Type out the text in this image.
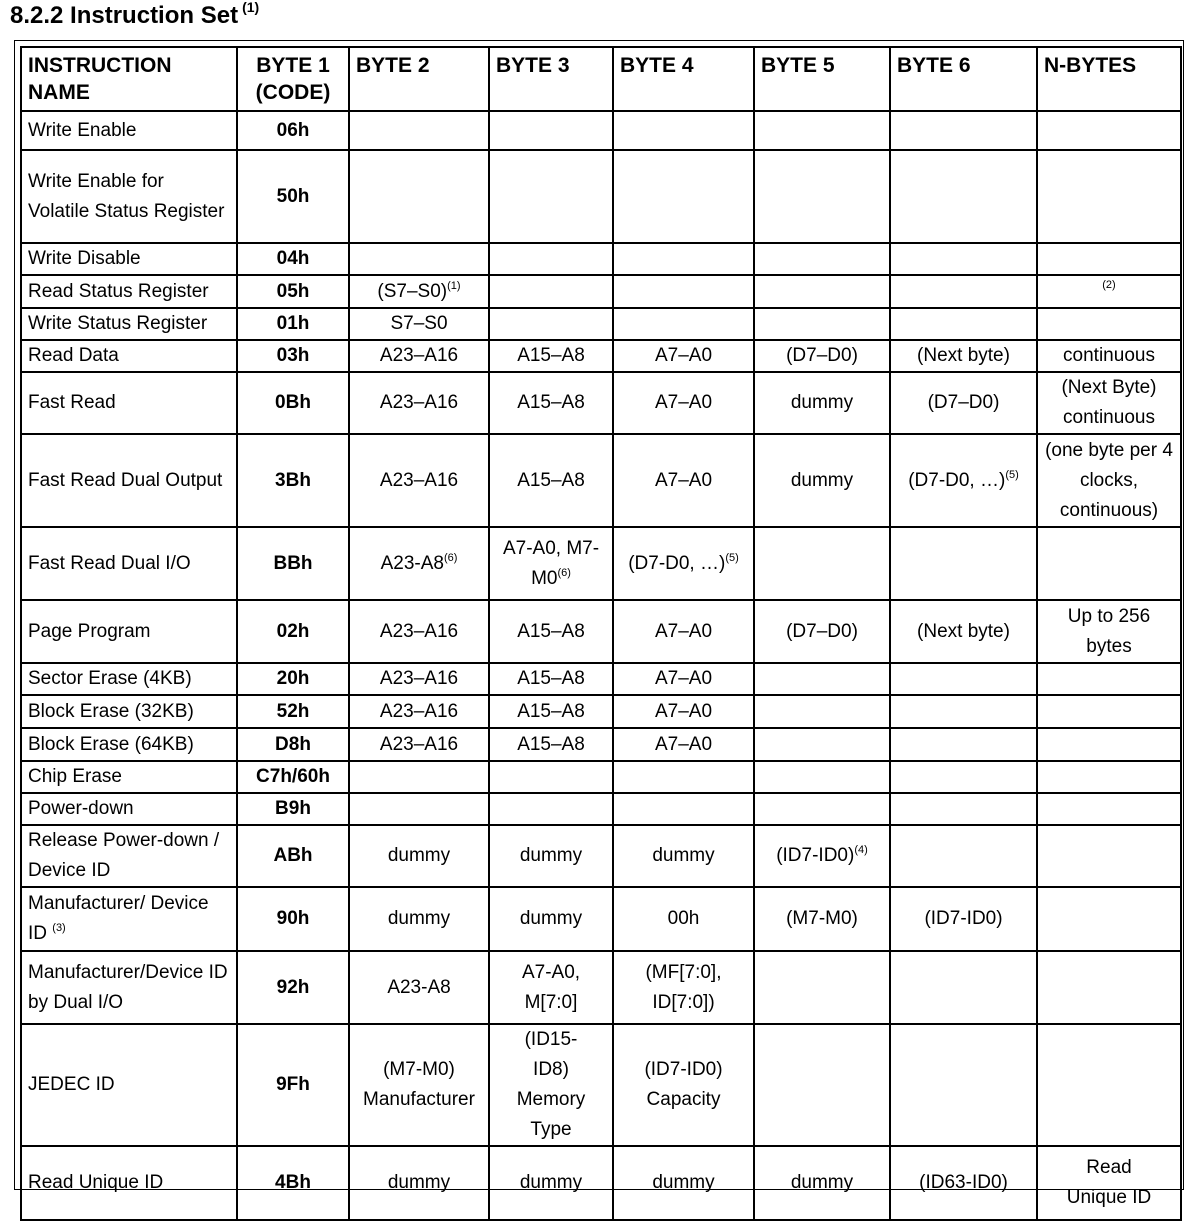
8.2.2 Instruction Set $^{(1)}$
INSTRUCTION NAME	BYTE 1 (CODE)	BYTE 2	BYTE 3	BYTE 4	BYTE 5	BYTE 6	N-BYTES
Write Enable	06h						
Write Enable for Volatile Status Register	50h						
Write Disable	04h						
Read Status Register	05h	$(S7-S0)^{(1)}$					(2)
Write Status Register	01h	S7–S0					
Read Data	03h	A23–A16	A15–A8	A7–A0	(D7–D0)	(Next byte)	continuous
Fast Read	0Bh	A23–A16	A15–A8	A7–A0	dummy	(D7–D0)	(Next Byte) continuous
Fast Read Dual Output	3Bh	A23–A16	A15–A8	A7–A0	dummy	(D7-D0, …)$^{(5)}$	(one byte per 4 clocks, continuous)
Fast Read Dual I/O	BBh	A23-A8$^{(6)}$	A7-A0, M7-M0$^{(6)}$	(D7-D0, …)$^{(5)}$			
Page Program	02h	A23–A16	A15–A8	A7–A0	(D7–D0)	(Next byte)	Up to 256 bytes
Sector Erase (4KB)	20h	A23–A16	A15–A8	A7–A0			
Block Erase (32KB)	52h	A23–A16	A15–A8	A7–A0			
Block Erase (64KB)	D8h	A23–A16	A15–A8	A7–A0			
Chip Erase	C7h/60h						
Power-down	B9h						
Release Power-down / Device ID	ABh	dummy	dummy	dummy	$(ID7-ID0)^{(4)}$		
Manufacturer/ Device ID $^{(3)}$	90h	dummy	dummy	00h	(M7-M0)	(ID7-ID0)	
Manufacturer/Device ID by Dual I/O	92h	A23-A8	A7-A0, M[7:0]	(MF[7:0], ID[7:0])			
JEDEC ID	9Fh	(M7-M0) Manufacturer	(ID15-ID8) Memory Type	(ID7-ID0) Capacity			
Read Unique ID	4Bh	dummy	dummy	dummy	dummy	(ID63-ID0)	Read Unique ID
